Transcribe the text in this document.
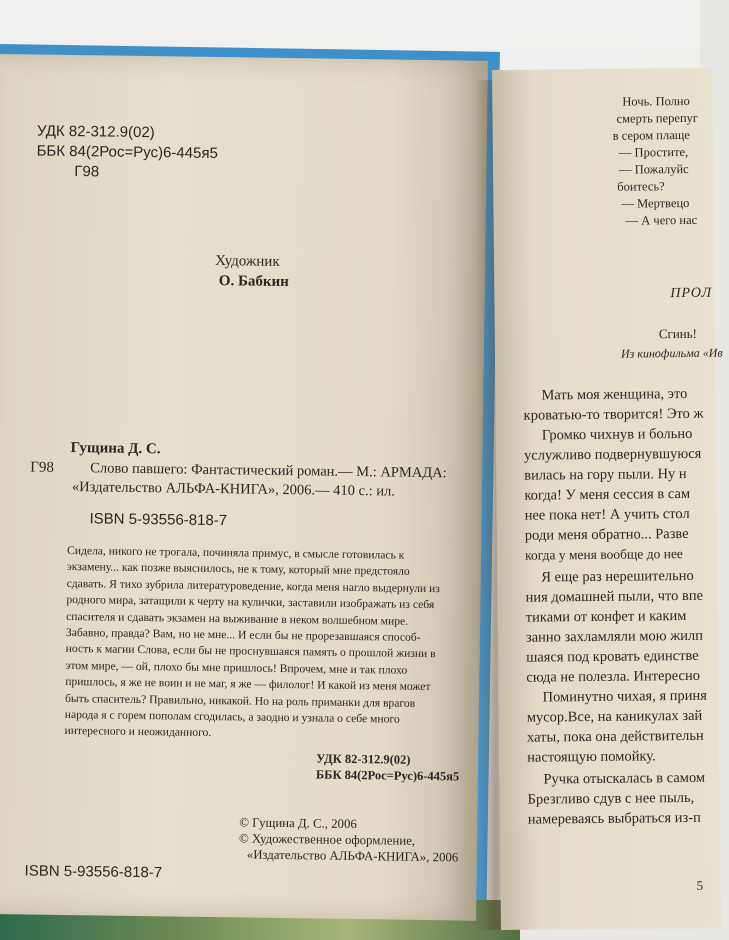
УДК 82-312.9(02)
ББК 84(2Рос=Рус)6-445я5
Г98
Художник
О. Бабкин
Гущина Д. С.
Г98 Слово павшего: Фантастический роман.— М.: АРМАДА:
«Издательство АЛЬФА-КНИГА», 2006.— 410 с.: ил.
ISBN 5-93556-818-7

Сидела, никого не трогала, починяла примус, в смысле готовилась к

экзамену... как позже выяснилось, не к тому, который мне предстояло

сдавать. Я тихо зубрила литературоведение, когда меня нагло выдернули из

родного мира, затащили к черту на кулички, заставили изображать из себя

спасителя и сдавать экзамен на выживание в неком волшебном мире.

Забавно, правда? Вам, но не мне... И если бы не прорезавшаяся способ-

ность к магии Слова, если бы не проснувшаяся память о прошлой жизни в

этом мире, — ой, плохо бы мне пришлось! Впрочем, мне и так плохо

пришлось, я же не воин и не маг, я же — филолог! И какой из меня может

быть спаситель? Правильно, никакой. Но на роль приманки для врагов

народа я с горем пополам сгодилась, а заодно и узнала о себе много

интересного и неожиданного.

УДК 82-312.9(02)
ББК 84(2Рос=Рус)6-445я5
© Гущина Д. С., 2006
© Художественное оформление,
«Издательство АЛЬФА-КНИГА», 2006
ISBN 5-93556-818-7
Ночь. Полно
смерть перепуг
в сером плаще
— Простите,
— Пожалуйс
боитесь?
— Мертвецо
— А чего нас
ПРОЛ
Сгинь!
Из кинофильма «Ив
Мать моя женщина, это
кроватью-то творится! Это ж
Громко чихнув и больно
услужливо подвернувшуюся
вилась на гору пыли. Ну н
когда! У меня сессия в сам
нее пока нет! А учить стол
роди меня обратно... Разве
когда у меня вообще до нее
Я еще раз нерешительно
ния домашней пыли, что впе
тиками от конфет и каким
занно захламляли мою жилп
шаяся под кровать единстве
сюда не полезла. Интересно
Поминутно чихая, я приня
мусор.Все, на каникулах зай
хаты, пока она действительн
настоящую помойку.
Ручка отыскалась в самом
Брезгливо сдув с нее пыль,
намереваясь выбраться из-п
5
